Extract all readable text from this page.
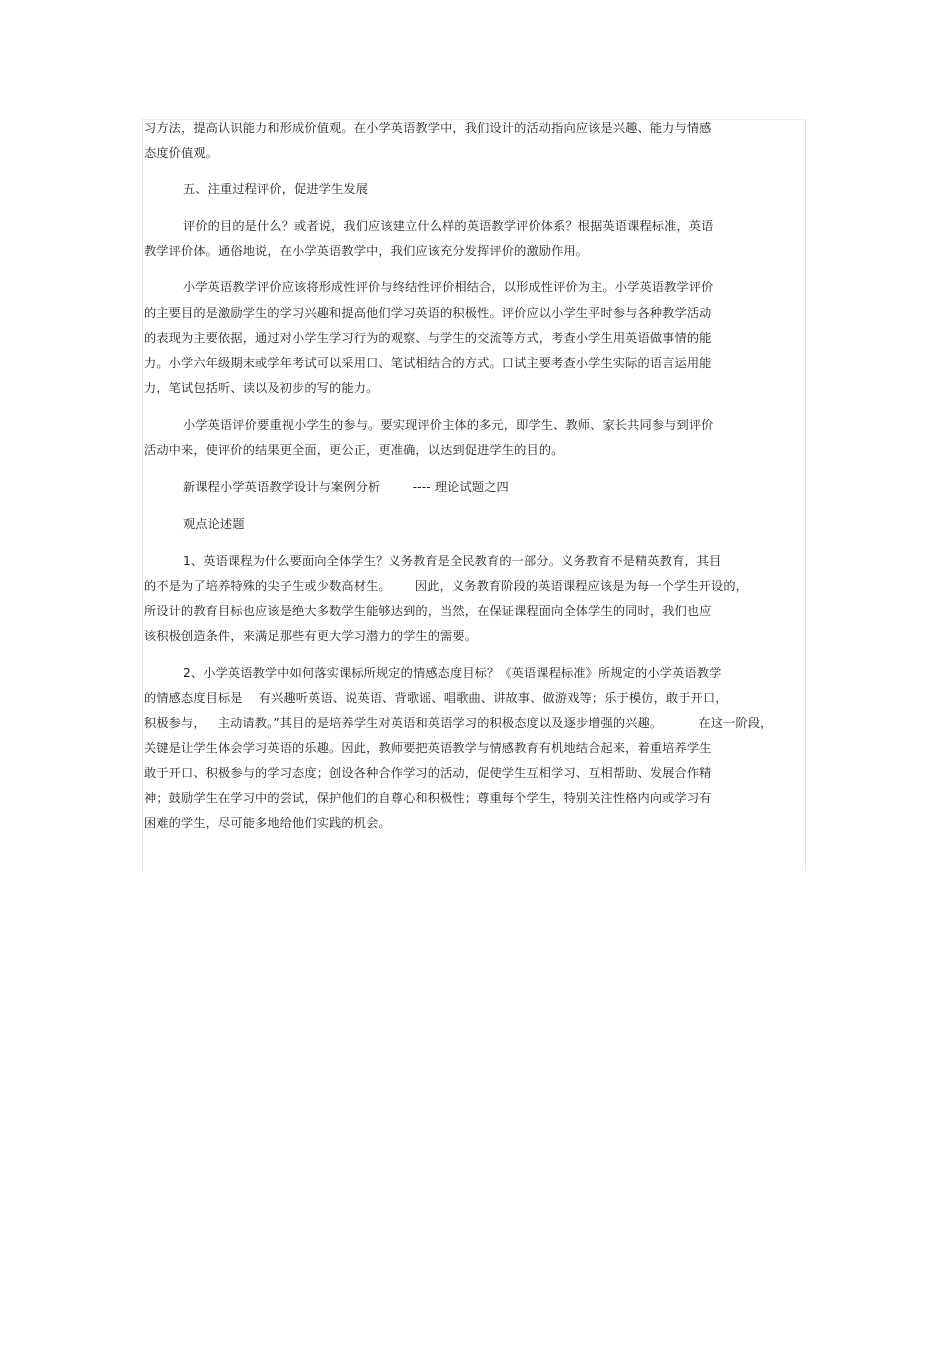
习方法，提高认识能力和形成价值观。在小学英语教学中，我们设计的活动指向应该是兴趣、能力与情感
态度价值观。
五、注重过程评价，促进学生发展
评价的目的是什么？或者说，我们应该建立什么样的英语教学评价体系？根据英语课程标准，英语
教学评价体。通俗地说，在小学英语教学中，我们应该充分发挥评价的激励作用。
小学英语教学评价应该将形成性评价与终结性评价相结合，以形成性评价为主。小学英语教学评价
的主要目的是激励学生的学习兴趣和提高他们学习英语的积极性。评价应以小学生平时参与各种教学活动
的表现为主要依据，通过对小学生学习行为的观察、与学生的交流等方式，考查小学生用英语做事情的能
力。小学六年级期末或学年考试可以采用口、笔试相结合的方式。口试主要考查小学生实际的语言运用能
力，笔试包括听、读以及初步的写的能力。
小学英语评价要重视小学生的参与。要实现评价主体的多元，即学生、教师、家长共同参与到评价
活动中来，使评价的结果更全面，更公正，更准确，以达到促进学生的目的。
新课程小学英语教学设计与案例分析        ---- 理论试题之四
观点论述题
1、英语课程为什么要面向全体学生？义务教育是全民教育的一部分。义务教育不是精英教育，其目
的不是为了培养特殊的尖子生或少数高材生。      因此，义务教育阶段的英语课程应该是为每一个学生开设的，
所设计的教育目标也应该是绝大多数学生能够达到的，当然，在保证课程面向全体学生的同时，我们也应
该积极创造条件，来满足那些有更大学习潜力的学生的需要。
2、小学英语教学中如何落实课标所规定的情感态度目标？《英语课程标准》所规定的小学英语教学
的情感态度目标是    有兴趣听英语、说英语、背歌谣、唱歌曲、讲故事、做游戏等；乐于模仿，敢于开口，
积极参与，   主动请教。”其目的是培养学生对英语和英语学习的积极态度以及逐步增强的兴趣。         在这一阶段，
关键是让学生体会学习英语的乐趣。因此，教师要把英语教学与情感教育有机地结合起来，着重培养学生
敢于开口、积极参与的学习态度；创设各种合作学习的活动，促使学生互相学习、互相帮助、发展合作精
神；鼓励学生在学习中的尝试，保护他们的自尊心和积极性；尊重每个学生，特别关注性格内向或学习有
困难的学生，尽可能多地给他们实践的机会。
